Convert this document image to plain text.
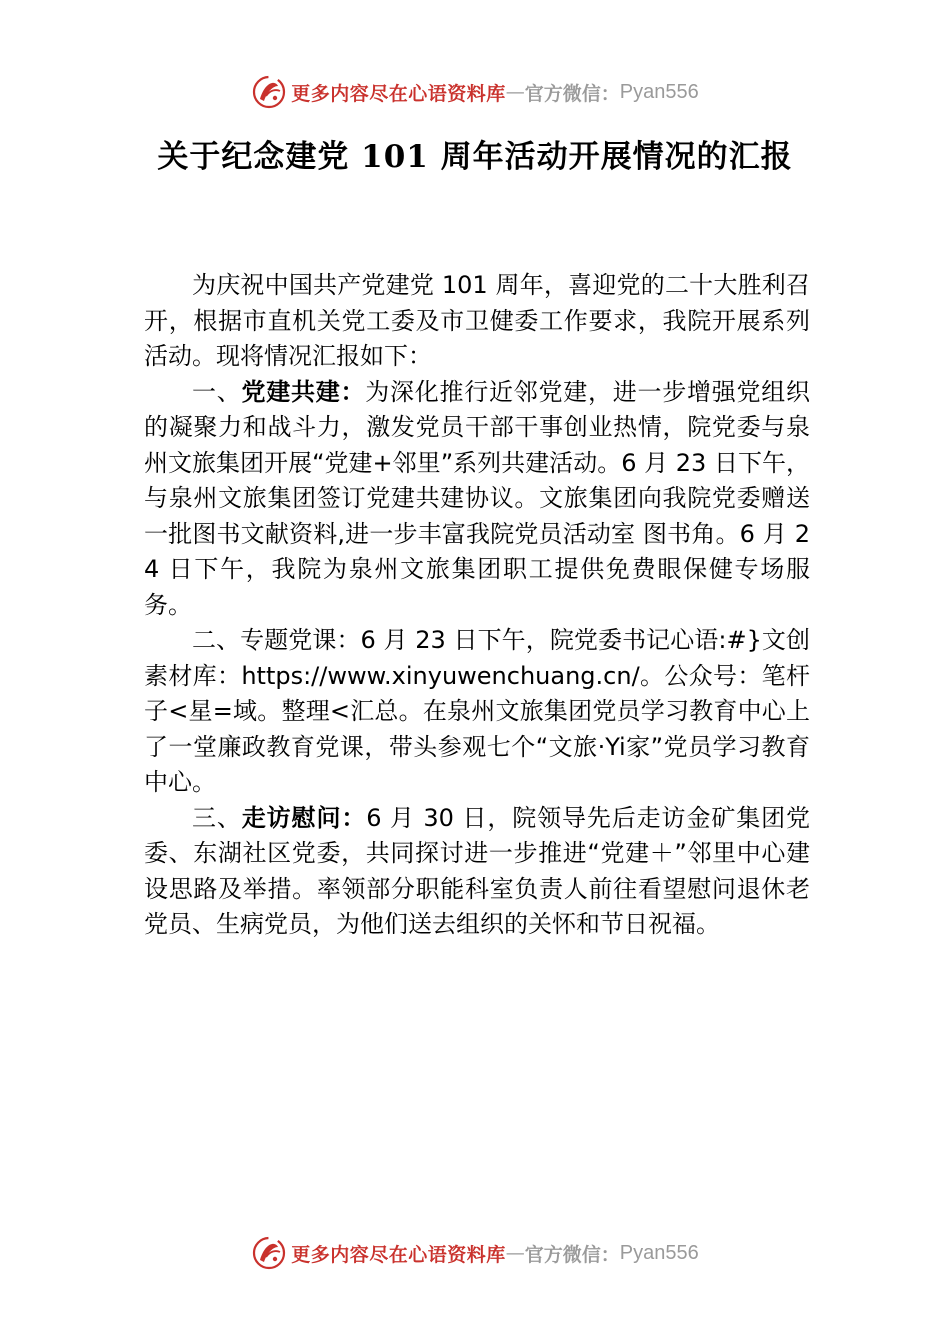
更多内容尽在心语资料库 — 官方微信： Pyan556
关于纪念建党 101 周年活动开展情况的汇报

为庆祝中国共产党建党 101 周年，喜迎党的二十大胜利召开，根据市直机关党工委及市卫健委工作要求，我院开展系列活动。现将情况汇报如下：

一、党建共建：为深化推行近邻党建，进一步增强党组织的凝聚力和战斗力，激发党员干部干事创业热情，院党委与泉州文旅集团开展“党建+邻里”系列共建活动。6 月 23 日下午，与泉州文旅集团签订党建共建协议。文旅集团向我院党委赠送一批图书文献资料,进一步丰富我院党员活动室 图书角。6 月 24 日下午，我院为泉州文旅集团职工提供免费眼保健专场服务。

二、专题党课：6 月 23 日下午，院党委书记心语:#}文创素材库：https://www.xinyuwenchuang.cn/。公众号：笔杆子<星=域。整理<汇总。在泉州文旅集团党员学习教育中心上了一堂廉政教育党课，带头参观七个“文旅·Yi家”党员学习教育中心。

三、走访慰问：6 月 30 日，院领导先后走访金矿集团党委、东湖社区党委，共同探讨进一步推进“党建＋”邻里中心建设思路及举措。率领部分职能科室负责人前往看望慰问退休老党员、生病党员，为他们送去组织的关怀和节日祝福。

更多内容尽在心语资料库 — 官方微信： Pyan556
